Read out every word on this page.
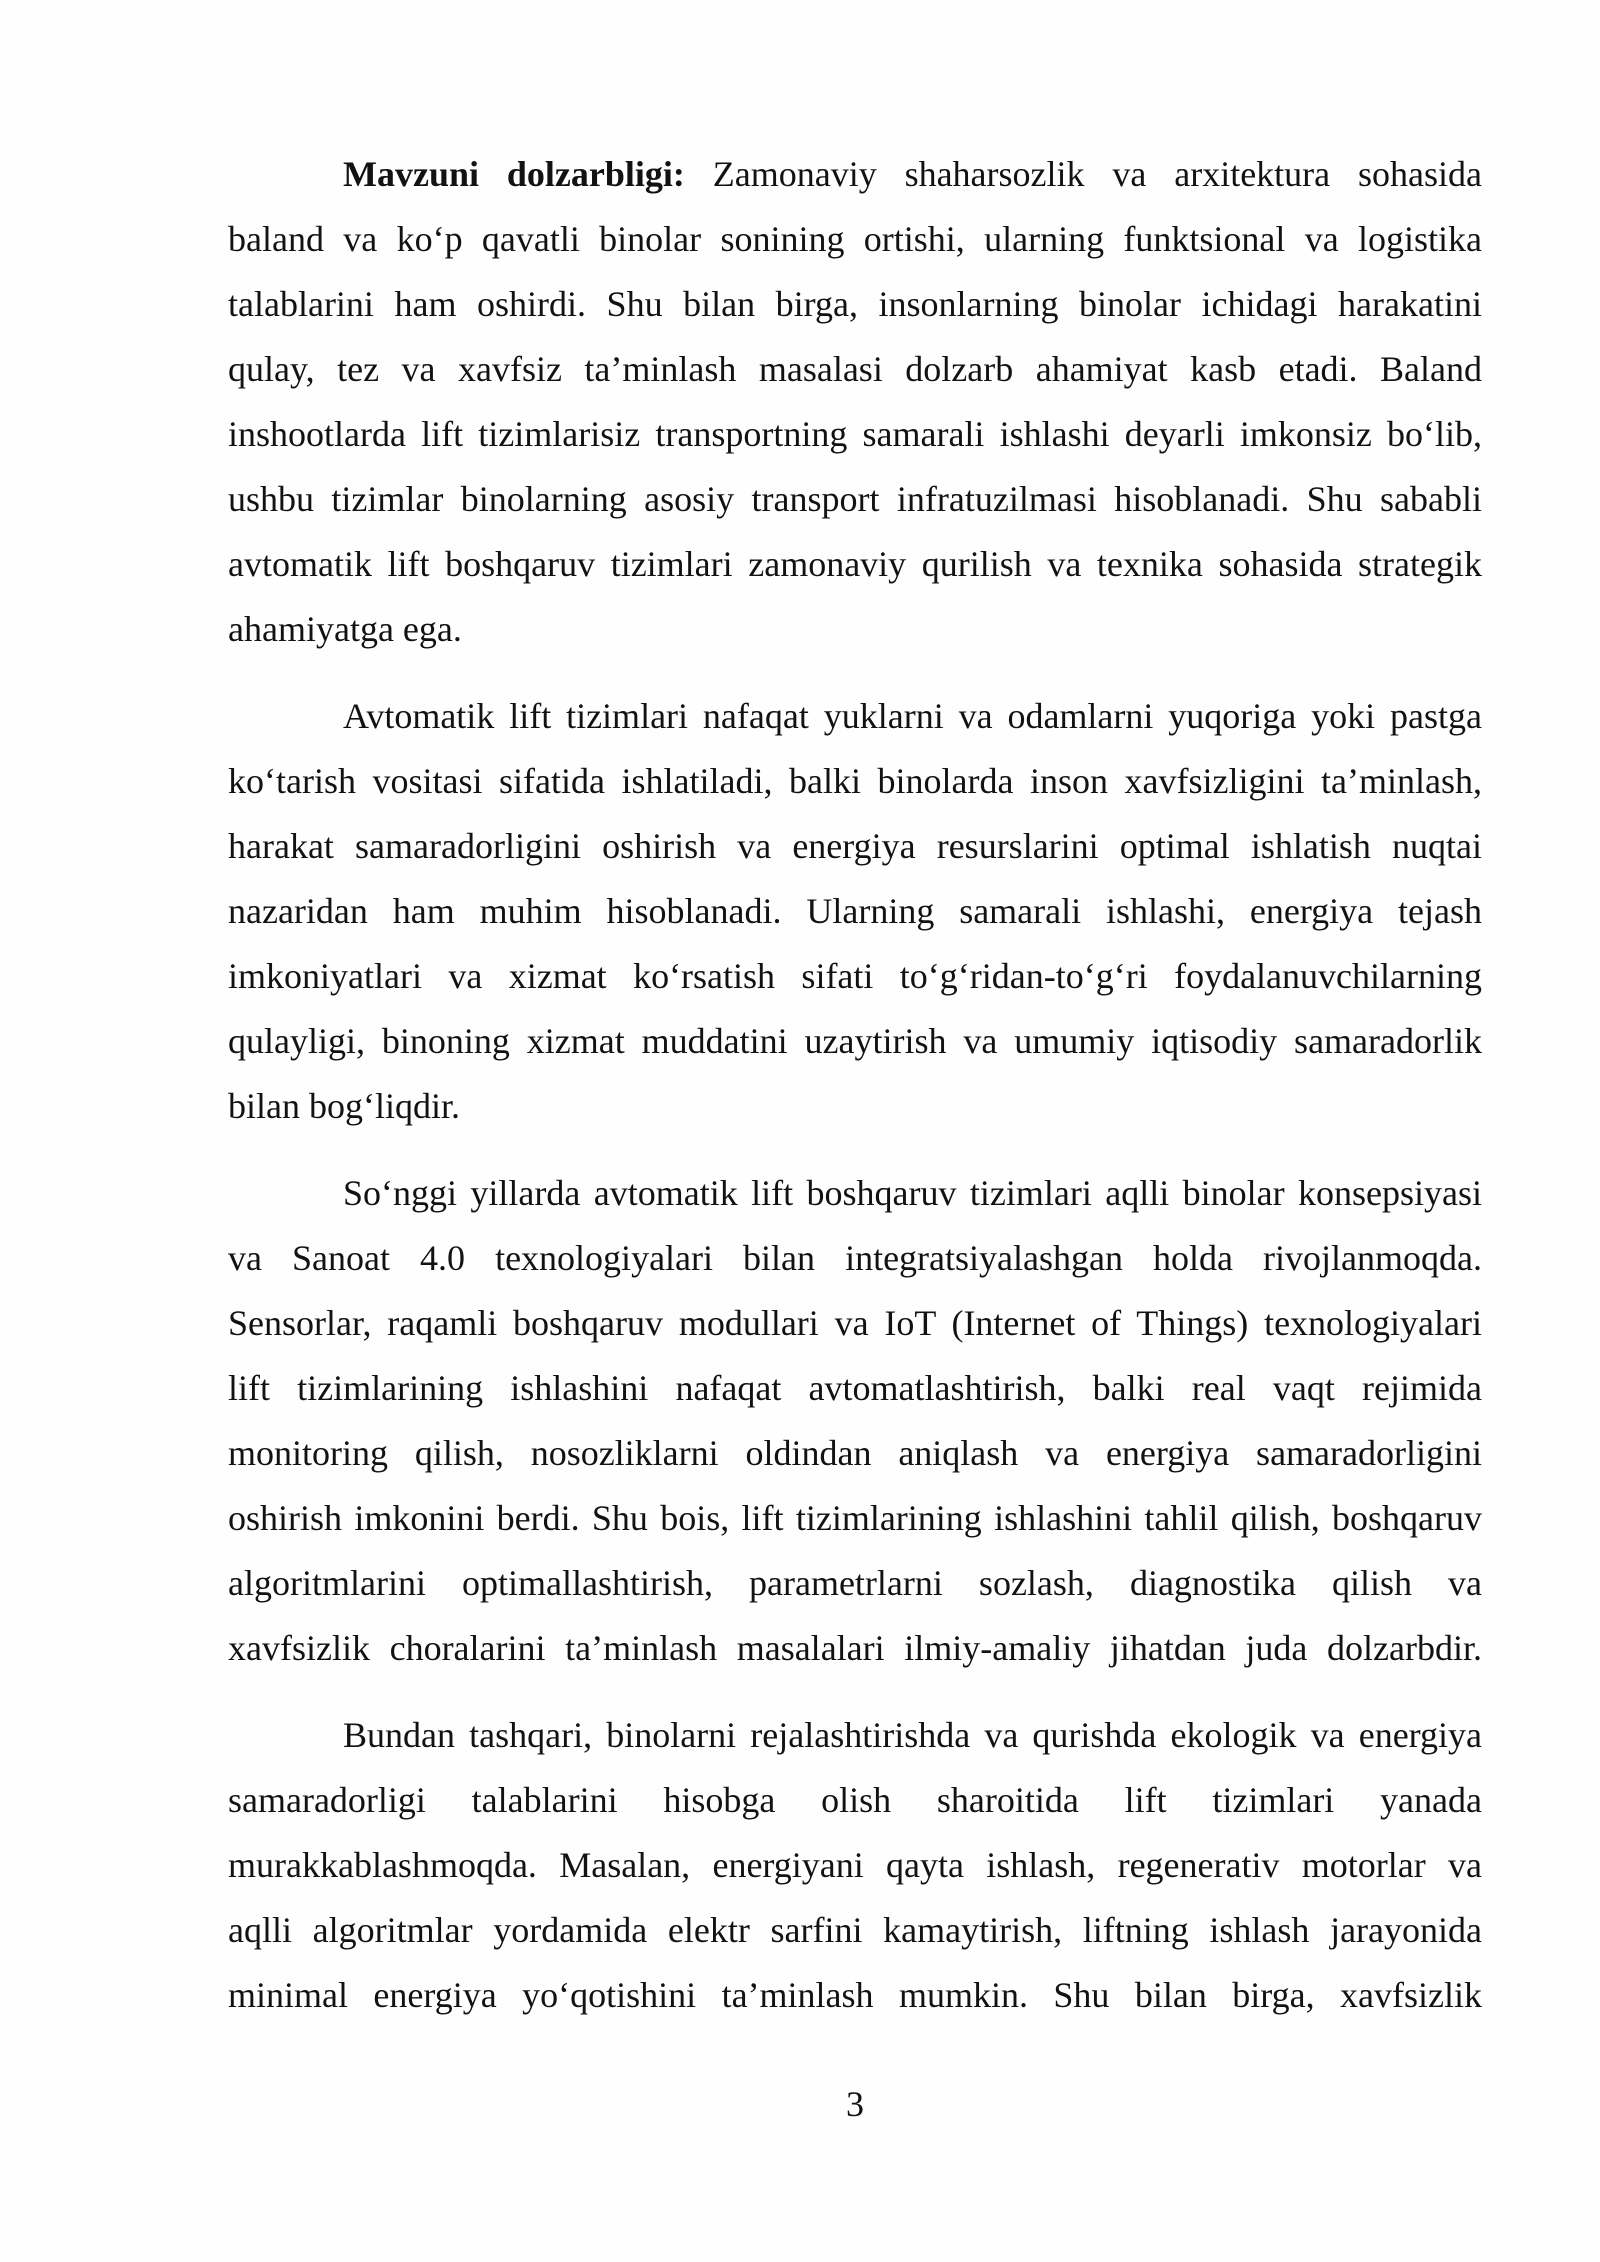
Mavzuni dolzarbligi: Zamonaviy shaharsozlik va arxitektura sohasida
baland va koʻp qavatli binolar sonining ortishi, ularning funktsional va logistika
talablarini ham oshirdi. Shu bilan birga, insonlarning binolar ichidagi harakatini
qulay, tez va xavfsiz ta’minlash masalasi dolzarb ahamiyat kasb etadi. Baland
inshootlarda lift tizimlarisiz transportning samarali ishlashi deyarli imkonsiz boʻlib,
ushbu tizimlar binolarning asosiy transport infratuzilmasi hisoblanadi. Shu sababli
avtomatik lift boshqaruv tizimlari zamonaviy qurilish va texnika sohasida strategik
ahamiyatga ega.

Avtomatik lift tizimlari nafaqat yuklarni va odamlarni yuqoriga yoki pastga
koʻtarish vositasi sifatida ishlatiladi, balki binolarda inson xavfsizligini ta’minlash,
harakat samaradorligini oshirish va energiya resurslarini optimal ishlatish nuqtai
nazaridan ham muhim hisoblanadi. Ularning samarali ishlashi, energiya tejash
imkoniyatlari va xizmat koʻrsatish sifati toʻgʻridan-toʻgʻri foydalanuvchilarning
qulayligi, binoning xizmat muddatini uzaytirish va umumiy iqtisodiy samaradorlik
bilan bogʻliqdir.

Soʻnggi yillarda avtomatik lift boshqaruv tizimlari aqlli binolar konsepsiyasi
va Sanoat 4.0 texnologiyalari bilan integratsiyalashgan holda rivojlanmoqda.
Sensorlar, raqamli boshqaruv modullari va IoT (Internet of Things) texnologiyalari
lift tizimlarining ishlashini nafaqat avtomatlashtirish, balki real vaqt rejimida
monitoring qilish, nosozliklarni oldindan aniqlash va energiya samaradorligini
oshirish imkonini berdi. Shu bois, lift tizimlarining ishlashini tahlil qilish, boshqaruv
algoritmlarini optimallashtirish, parametrlarni sozlash, diagnostika qilish va
xavfsizlik choralarini ta’minlash masalalari ilmiy-amaliy jihatdan juda dolzarbdir.

Bundan tashqari, binolarni rejalashtirishda va qurishda ekologik va energiya
samaradorligi talablarini hisobga olish sharoitida lift tizimlari yanada
murakkablashmoqda. Masalan, energiyani qayta ishlash, regenerativ motorlar va
aqlli algoritmlar yordamida elektr sarfini kamaytirish, liftning ishlash jarayonida
minimal energiya yoʻqotishini ta’minlash mumkin. Shu bilan birga, xavfsizlik

3
